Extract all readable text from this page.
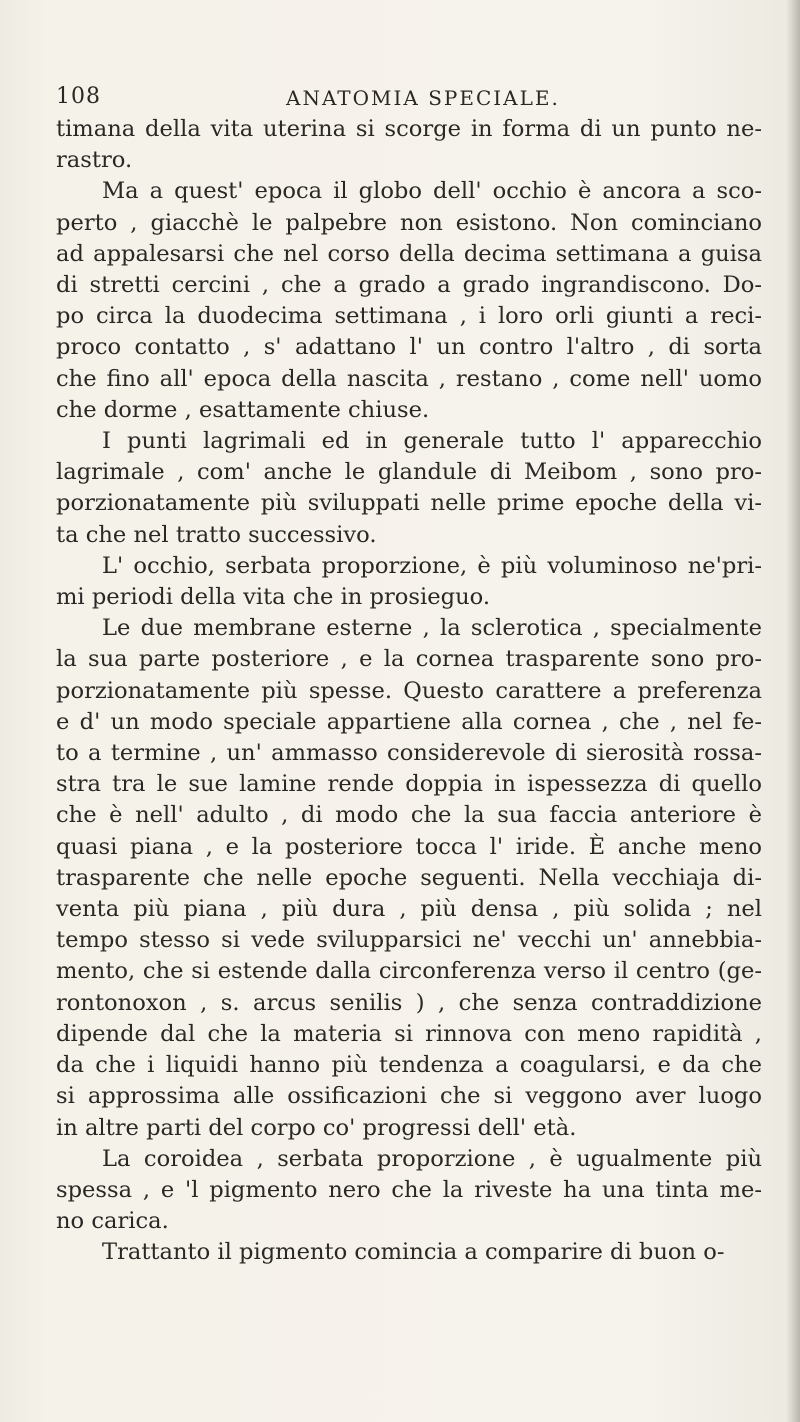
108	ANATOMIA SPECIALE.
timana della vita uterina si scorge in forma di un punto ne-
rastro.
Ma a quest' epoca il globo dell' occhio è ancora a sco-
perto , giacchè le palpebre non esistono. Non cominciano
ad appalesarsi che nel corso della decima settimana a guisa
di stretti cercini , che a grado a grado ingrandiscono. Do-
po circa la duodecima settimana , i loro orli giunti a reci-
proco contatto , s' adattano l' un contro l'altro , di sorta
che fino all' epoca della nascita , restano , come nell' uomo
che dorme , esattamente chiuse.
I punti lagrimali ed in generale tutto l' apparecchio
lagrimale , com' anche le glandule di Meibom , sono pro-
porzionatamente più sviluppati nelle prime epoche della vi-
ta che nel tratto successivo.
L' occhio, serbata proporzione, è più voluminoso ne'pri-
mi periodi della vita che in prosieguo.
Le due membrane esterne , la sclerotica , specialmente
la sua parte posteriore , e la cornea trasparente sono pro-
porzionatamente più spesse. Questo carattere a preferenza
e d' un modo speciale appartiene alla cornea , che , nel fe-
to a termine , un' ammasso considerevole di sierosità rossa-
stra tra le sue lamine rende doppia in ispessezza di quello
che è nell' adulto , di modo che la sua faccia anteriore è
quasi piana , e la posteriore tocca l' iride. È anche meno
trasparente che nelle epoche seguenti. Nella vecchiaja di-
venta più piana , più dura , più densa , più solida ; nel
tempo stesso si vede svilupparsici ne' vecchi un' annebbia-
mento, che si estende dalla circonferenza verso il centro (ge-
rontonoxon , s. arcus senilis ) , che senza contraddizione
dipende dal che la materia si rinnova con meno rapidità ,
da che i liquidi hanno più tendenza a coagularsi, e da che
si approssima alle ossificazioni che si veggono aver luogo
in altre parti del corpo co' progressi dell' età.
La coroidea , serbata proporzione , è ugualmente più
spessa , e 'l pigmento nero che la riveste ha una tinta me-
no carica.
Trattanto il pigmento comincia a comparire di buon o-
